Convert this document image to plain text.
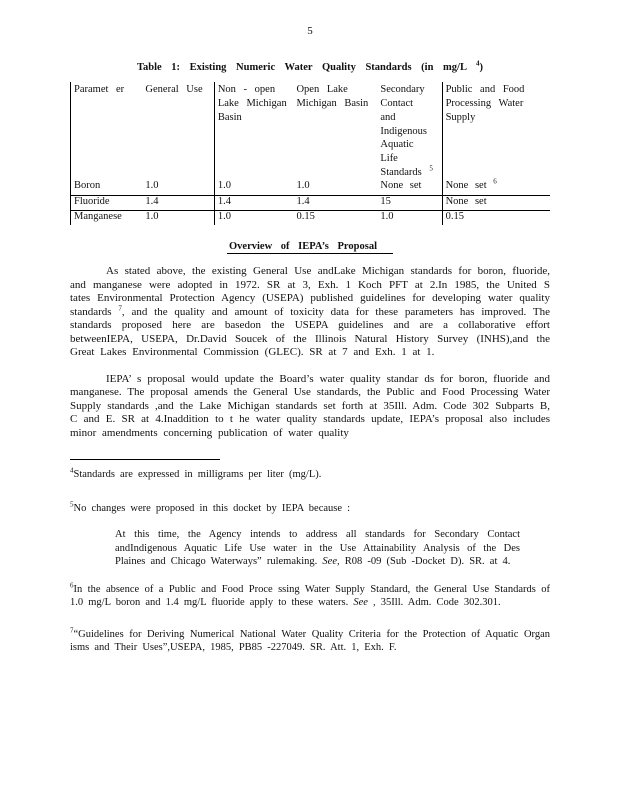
5
Table 1: Existing Numeric Water Quality Standards (in mg/L $^4$)
Paramet er	General Use	Non - open Lake Michigan Basin	Open Lake Michigan Basin	Secondary Contact and Indigenous Aquatic Life Standards $^5$	Public and Food Processing Water Supply
Boron	1.0	1.0	1.0	None set	None set $^6$
Fluoride	1.4	1.4	1.4	15	None set
Manganese	1.0	1.0	0.15	1.0	0.15
Overview of IEPA’s Proposal

As stated above, the existing General Use andLake Michigan standards for boron, fluoride, and manganese were adopted in 1972. SR at 3, Exh. 1 Koch PFT at 2.In 1985, the United S tates Environmental Protection Agency (USEPA) published guidelines for developing water quality standards $^7$, and the quality and amount of toxicity data for these parameters has improved. The standards proposed here are basedon the USEPA guidelines and are a collaborative effort betweenIEPA, USEPA, Dr.David Soucek of the Illinois Natural History Survey (INHS),and the Great Lakes Environmental Commission (GLEC). SR at 7 and Exh. 1 at 1.

IEPA’ s proposal would update the Board’s water quality standar ds for boron, fluoride and manganese. The proposal amends the General Use standards, the Public and Food Processing Water Supply standards ,and the Lake Michigan standards set forth at 35Ill. Adm. Code 302 Subparts B, C and E. SR at 4.Inaddition to t he water quality standards update, IEPA’s proposal also includes minor amendments concerning publication of water quality

$^4$Standards are expressed in milligrams per liter (mg/L).

$^5$No changes were proposed in this docket by IEPA because :

At this time, the Agency intends to address all standards for Secondary Contact andIndigenous Aquatic Life Use water in the Use Attainability Analysis of the Des Plaines and Chicago Waterways” rulemaking. See, R08 -09 (Sub -Docket D). SR. at 4.

$^6$In the absence of a Public and Food Proce ssing Water Supply Standard, the General Use Standards of 1.0 mg/L boron and 1.4 mg/L fluoride apply to these waters. See , 35Ill. Adm. Code 302.301.

$^7$“Guidelines for Deriving Numerical National Water Quality Criteria for the Protection of Aquatic Organ isms and Their Uses”,USEPA, 1985, PB85 -227049. SR. Att. 1, Exh. F.
